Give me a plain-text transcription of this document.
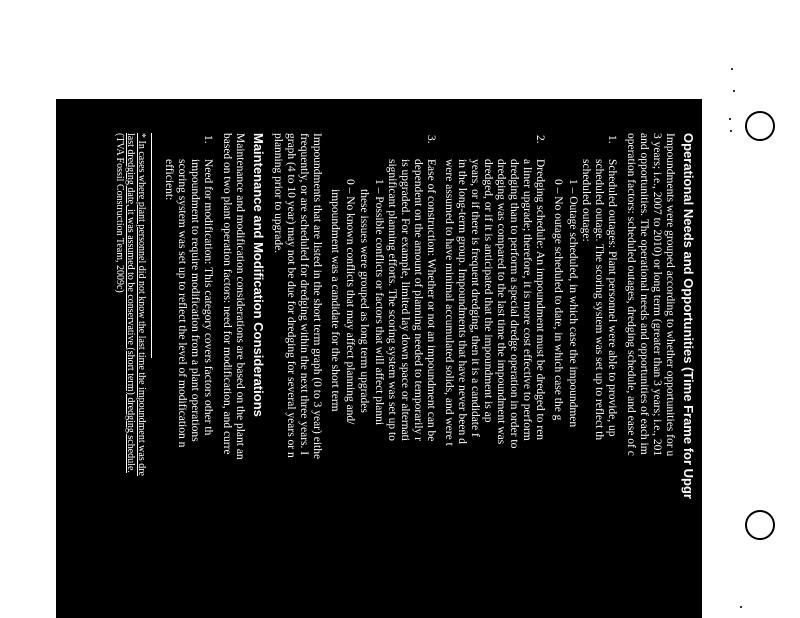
Operational Needs and Opportunities (Time Frame for Upgr
Impoundments were grouped according to whether opportunities for u
3 years; i.e., 2007 to 2010) or long term (greater than 3 years; i.e., 201
and opportunities. The operational needs and opportunities of each im
operation factors: scheduled outages, dredging schedule, and ease of c
1.
Scheduled outages: Plant personnel were able to provide, up
scheduled outage. The scoring system was set up to reflect th
scheduled outage:
1 – Outage scheduled, in which case the impoundmen
0 – No outage scheduled to date, in which case the g
2.
Dredging schedule: An impoundment must be dredged to ren
a liner upgrade; therefore, it is more cost effective to perform
dredging than to perform a special dredge operation in order to
dredging was compared to the last time the impoundment was
dredged, or if it is anticipated that the impoundment is ap
years, or if there is frequent dredging, then it is a candidate f
in the long-term group. Impoundments that have never been d
were assumed to have minimal accumulated solids, and were t
3.
Ease of construction: Whether or not an impoundment can be
dependent on the amount of planning needed to temporarily r
is upgraded. For example, limited lay down space or alternati
significant planning efforts. The scoring system was set up to
1 – Possible conflicts or factors that will affect planni
these issues were grouped as long term upgrades
0 – No known conflicts that may affect planning and/
impoundment was a candidate for the short term
Impoundments that are listed in the short term graph (0 to 3 year) eithe
frequently, or are scheduled for dredging within the next three years. I
graph (4 to 10 year) may not be due for dredging for several years or n
planning prior to upgrade.
Maintenance and Modification Considerations
Maintenance and modification considerations are based on the plant an
based on two plant operation factors: need for modification, and curre
1.
Need for modification: This category covers factors other th
impoundment to require modification from a plant operations
scoring system was set up to reflect the level of modification n
efficient:
* In cases where plant personnel did not know the last time the impoundment was dre
last dredging date, it was assumed to be conservative (short term) dredging schedule.
(TVA Fossil Construction Team, 2009c)
